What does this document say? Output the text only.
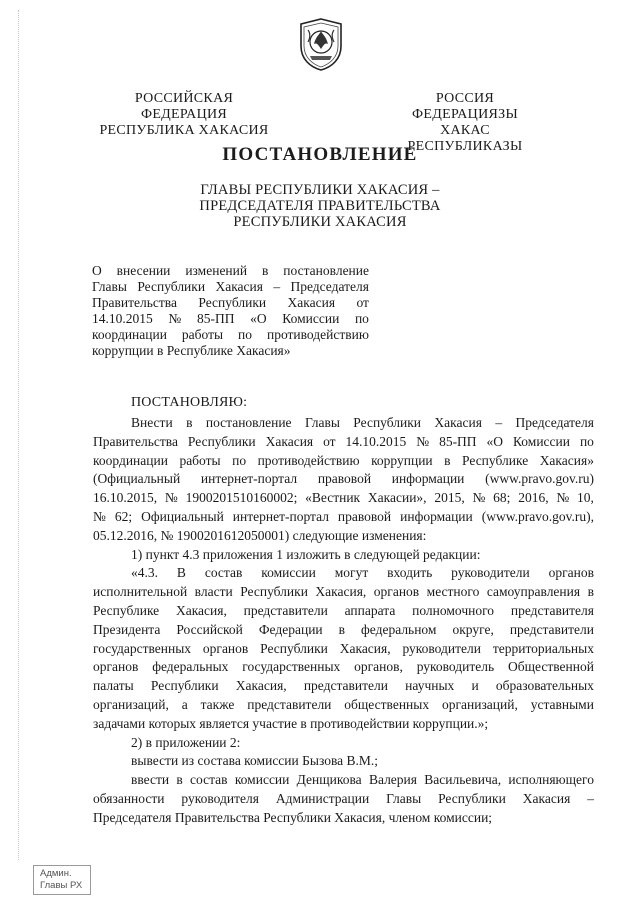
РОССИЙСКАЯ ФЕДЕРАЦИЯ
РЕСПУБЛИКА ХАКАСИЯ
РОССИЯ ФЕДЕРАЦИЯЗЫ
ХАКАС РЕСПУБЛИКАЗЫ
ПОСТАНОВЛЕНИЕ
ГЛАВЫ РЕСПУБЛИКИ ХАКАСИЯ –
ПРЕДСЕДАТЕЛЯ ПРАВИТЕЛЬСТВА
РЕСПУБЛИКИ ХАКАСИЯ
О внесении изменений в постановление
Главы Республики Хакасия – Председателя
Правительства Республики Хакасия от
14.10.2015 № 85-ПП «О Комиссии по
координации работы по противодействию
коррупции в Республике Хакасия»
ПОСТАНОВЛЯЮ:
Внести в постановление Главы Республики Хакасия – Председателя
Правительства Республики Хакасия от 14.10.2015 № 85-ПП «О Комиссии по
координации работы по противодействию коррупции в Республике Хакасия»
(Официальный интернет-портал правовой информации (www.pravo.gov.ru)
16.10.2015, № 1900201510160002; «Вестник Хакасии», 2015, № 68; 2016, № 10,
№ 62; Официальный интернет-портал правовой информации (www.pravo.gov.ru),
05.12.2016, № 1900201612050001) следующие изменения:
1) пункт 4.3 приложения 1 изложить в следующей редакции:
«4.3. В состав комиссии могут входить руководители органов
исполнительной власти Республики Хакасия, органов местного самоуправления в
Республике Хакасия, представители аппарата полномочного представителя
Президента Российской Федерации в федеральном округе, представители
государственных органов Республики Хакасия, руководители территориальных
органов федеральных государственных органов, руководитель Общественной
палаты Республики Хакасия, представители научных и образовательных
организаций, а также представители общественных организаций, уставными
задачами которых является участие в противодействии коррупции.»;
2) в приложении 2:
вывести из состава комиссии Бызова В.М.;
ввести в состав комиссии Денщикова Валерия Васильевича, исполняющего
обязанности руководителя Администрации Главы Республики Хакасия –
Председателя Правительства Республики Хакасия, членом комиссии;
Админ.
Главы РХ
